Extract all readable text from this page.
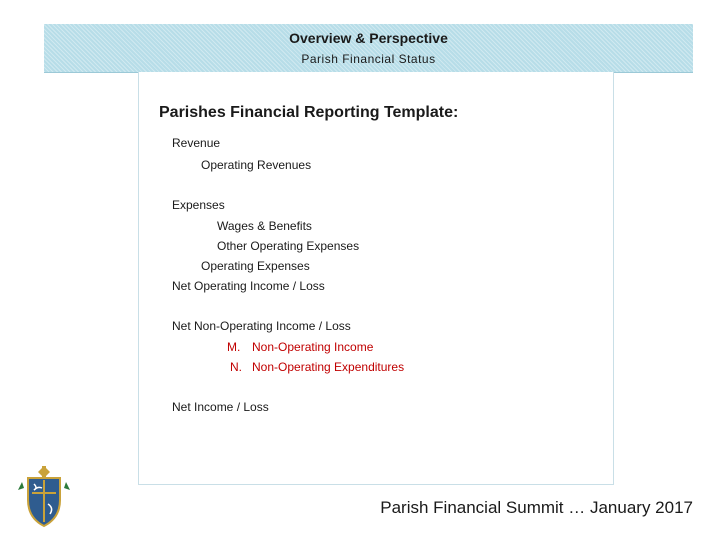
Overview & Perspective
Parish Financial Status
Parishes Financial Reporting Template:
Revenue
Operating Revenues
Expenses
Wages & Benefits
Other Operating Expenses
Operating Expenses
Net Operating Income / Loss
Net Non-Operating Income / Loss
M. Non-Operating Income
N. Non-Operating Expenditures
Net Income / Loss
Parish Financial Summit … January 2017
